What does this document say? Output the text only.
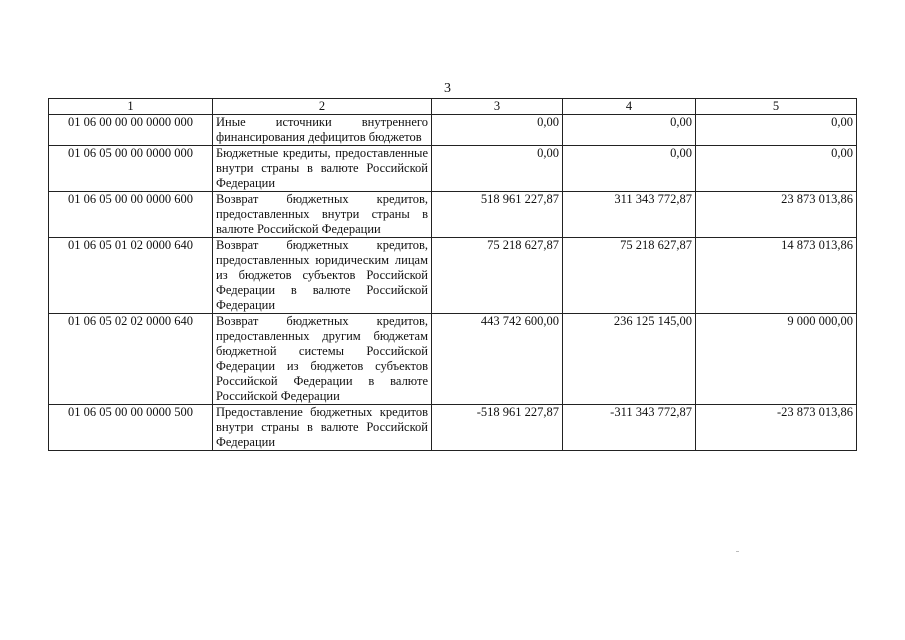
3
1	2	3	4	5
01 06 00 00 00 0000 000	Иные источники внутреннего финансирования дефицитов бюджетов	0,00	0,00	0,00
01 06 05 00 00 0000 000	Бюджетные кредиты, предоставленные внутри страны в валюте Российской Федерации	0,00	0,00	0,00
01 06 05 00 00 0000 600	Возврат бюджетных кредитов, предоставленных внутри страны в валюте Российской Федерации	518 961 227,87	311 343 772,87	23 873 013,86
01 06 05 01 02 0000 640	Возврат бюджетных кредитов, предоставленных юридическим лицам из бюджетов субъектов Российской Федерации в валюте Российской Федерации	75 218 627,87	75 218 627,87	14 873 013,86
01 06 05 02 02 0000 640	Возврат бюджетных кредитов, предоставленных другим бюджетам бюджетной системы Российской Федерации из бюджетов субъектов Российской Федерации в валюте Российской Федерации	443 742 600,00	236 125 145,00	9 000 000,00
01 06 05 00 00 0000 500	Предоставление бюджетных кредитов внутри страны в валюте Российской Федерации	-518 961 227,87	-311 343 772,87	-23 873 013,86
